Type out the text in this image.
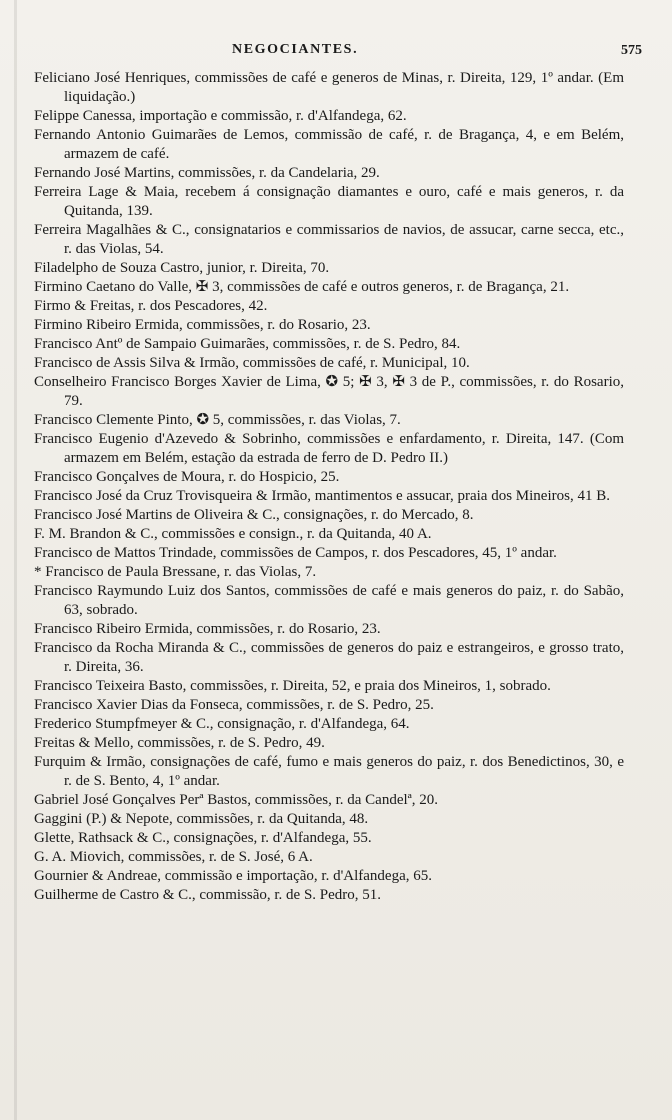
NEGOCIANTES.	575
Feliciano José Henriques, commissões de café e generos de Minas, r. Direita, 129, 1º andar. (Em liquidação.)
Felippe Canessa, importação e commissão, r. d'Alfandega, 62.
Fernando Antonio Guimarães de Lemos, commissão de café, r. de Bragança, 4, e em Belém, armazem de café.
Fernando José Martins, commissões, r. da Candelaria, 29.
Ferreira Lage & Maia, recebem á consignação diamantes e ouro, café e mais generos, r. da Quitanda, 139.
Ferreira Magalhães & C., consignatarios e commissarios de navios, de assucar, carne secca, etc., r. das Violas, 54.
Filadelpho de Souza Castro, junior, r. Direita, 70.
Firmino Caetano do Valle, ✠ 3, commissões de café e outros generos, r. de Bragança, 21.
Firmo & Freitas, r. dos Pescadores, 42.
Firmino Ribeiro Ermida, commissões, r. do Rosario, 23.
Francisco Antº de Sampaio Guimarães, commissões, r. de S. Pedro, 84.
Francisco de Assis Silva & Irmão, commissões de café, r. Municipal, 10.
Conselheiro Francisco Borges Xavier de Lima, ✪ 5; ✠ 3, ✠ 3 de P., commissões, r. do Rosario, 79.
Francisco Clemente Pinto, ✪ 5, commissões, r. das Violas, 7.
Francisco Eugenio d'Azevedo & Sobrinho, commissões e enfardamento, r. Direita, 147. (Com armazem em Belém, estação da estrada de ferro de D. Pedro II.)
Francisco Gonçalves de Moura, r. do Hospicio, 25.
Francisco José da Cruz Trovisqueira & Irmão, mantimentos e assucar, praia dos Mineiros, 41 B.
Francisco José Martins de Oliveira & C., consignações, r. do Mercado, 8.
F. M. Brandon & C., commissões e consign., r. da Quitanda, 40 A.
Francisco de Mattos Trindade, commissões de Campos, r. dos Pescadores, 45, 1º andar.
* Francisco de Paula Bressane, r. das Violas, 7.
Francisco Raymundo Luiz dos Santos, commissões de café e mais generos do paiz, r. do Sabão, 63, sobrado.
Francisco Ribeiro Ermida, commissões, r. do Rosario, 23.
Francisco da Rocha Miranda & C., commissões de generos do paiz e estrangeiros, e grosso trato, r. Direita, 36.
Francisco Teixeira Basto, commissões, r. Direita, 52, e praia dos Mineiros, 1, sobrado.
Francisco Xavier Dias da Fonseca, commissões, r. de S. Pedro, 25.
Frederico Stumpfmeyer & C., consignação, r. d'Alfandega, 64.
Freitas & Mello, commissões, r. de S. Pedro, 49.
Furquim & Irmão, consignações de café, fumo e mais generos do paiz, r. dos Benedictinos, 30, e r. de S. Bento, 4, 1º andar.
Gabriel José Gonçalves Perª Bastos, commissões, r. da Candelª, 20.
Gaggini (P.) & Nepote, commissões, r. da Quitanda, 48.
Glette, Rathsack & C., consignações, r. d'Alfandega, 55.
G. A. Miovich, commissões, r. de S. José, 6 A.
Gournier & Andreae, commissão e importação, r. d'Alfandega, 65.
Guilherme de Castro & C., commissão, r. de S. Pedro, 51.
